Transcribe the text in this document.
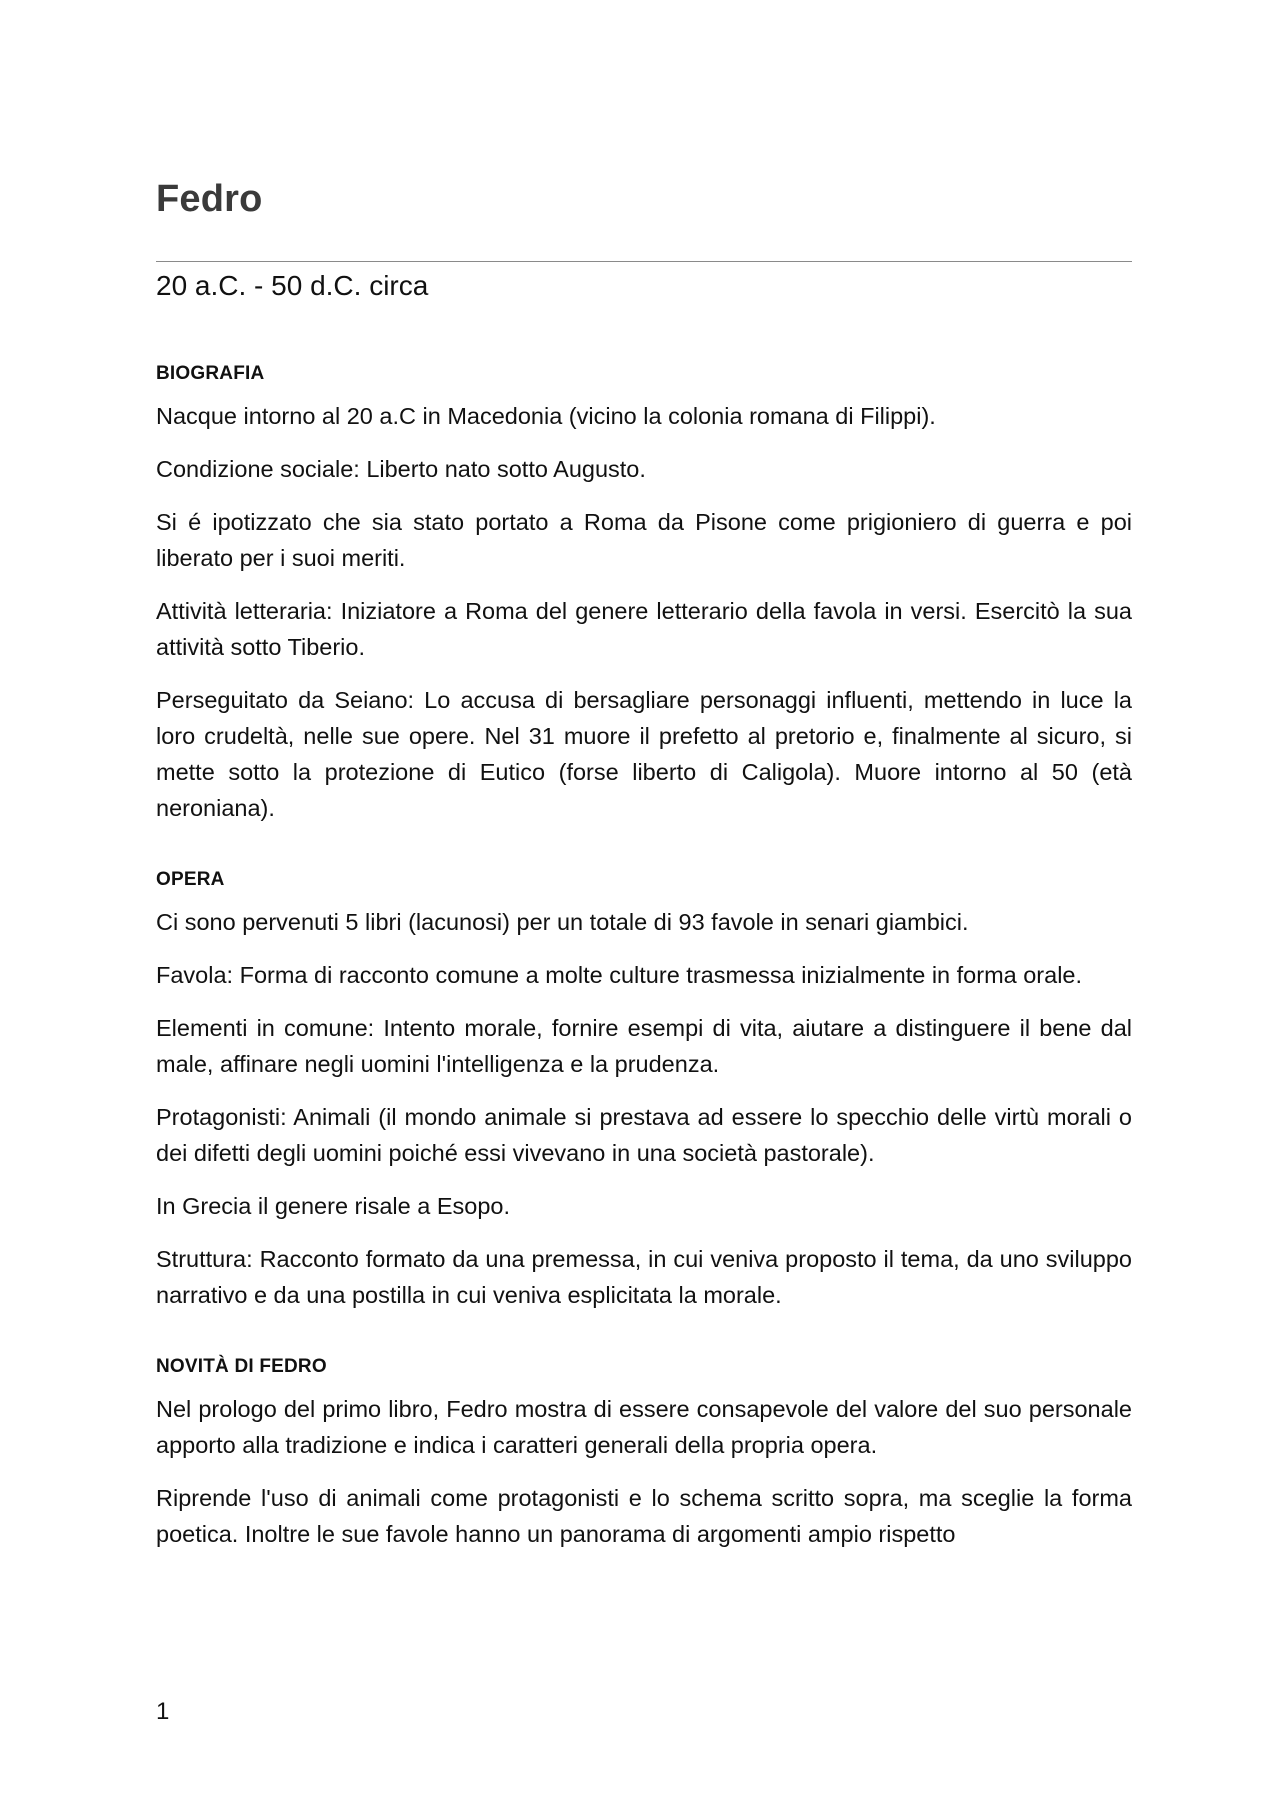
Fedro
20 a.C. - 50 d.C. circa
BIOGRAFIA

Nacque intorno al 20 a.C in Macedonia (vicino la colonia romana di Filippi).

Condizione sociale: Liberto nato sotto Augusto.

Si é ipotizzato che sia stato portato a Roma da Pisone come prigioniero di guerra e poi liberato per i suoi meriti.

Attività letteraria: Iniziatore a Roma del genere letterario della favola in versi. Esercitò la sua attività sotto Tiberio.

Perseguitato da Seiano: Lo accusa di bersagliare personaggi influenti, mettendo in luce la loro crudeltà, nelle sue opere. Nel 31 muore il prefetto al pretorio e, finalmente al sicuro, si mette sotto la protezione di Eutico (forse liberto di Caligola). Muore intorno al 50 (età neroniana).

OPERA

Ci sono pervenuti 5 libri (lacunosi) per un totale di 93 favole in senari giambici.

Favola: Forma di racconto comune a molte culture trasmessa inizialmente in forma orale.

Elementi in comune: Intento morale, fornire esempi di vita, aiutare a distinguere il bene dal male, affinare negli uomini l'intelligenza e la prudenza.

Protagonisti: Animali (il mondo animale si prestava ad essere lo specchio delle virtù morali o dei difetti degli uomini poiché essi vivevano in una società pastorale).

In Grecia il genere risale a Esopo.

Struttura: Racconto formato da una premessa, in cui veniva proposto il tema, da uno sviluppo narrativo e da una postilla in cui veniva esplicitata la morale.

NOVITÀ DI FEDRO

Nel prologo del primo libro, Fedro mostra di essere consapevole del valore del suo personale apporto alla tradizione e indica i caratteri generali della propria opera.

Riprende l'uso di animali come protagonisti e lo schema scritto sopra, ma sceglie la forma poetica. Inoltre le sue favole hanno un panorama di argomenti ampio rispetto

1
